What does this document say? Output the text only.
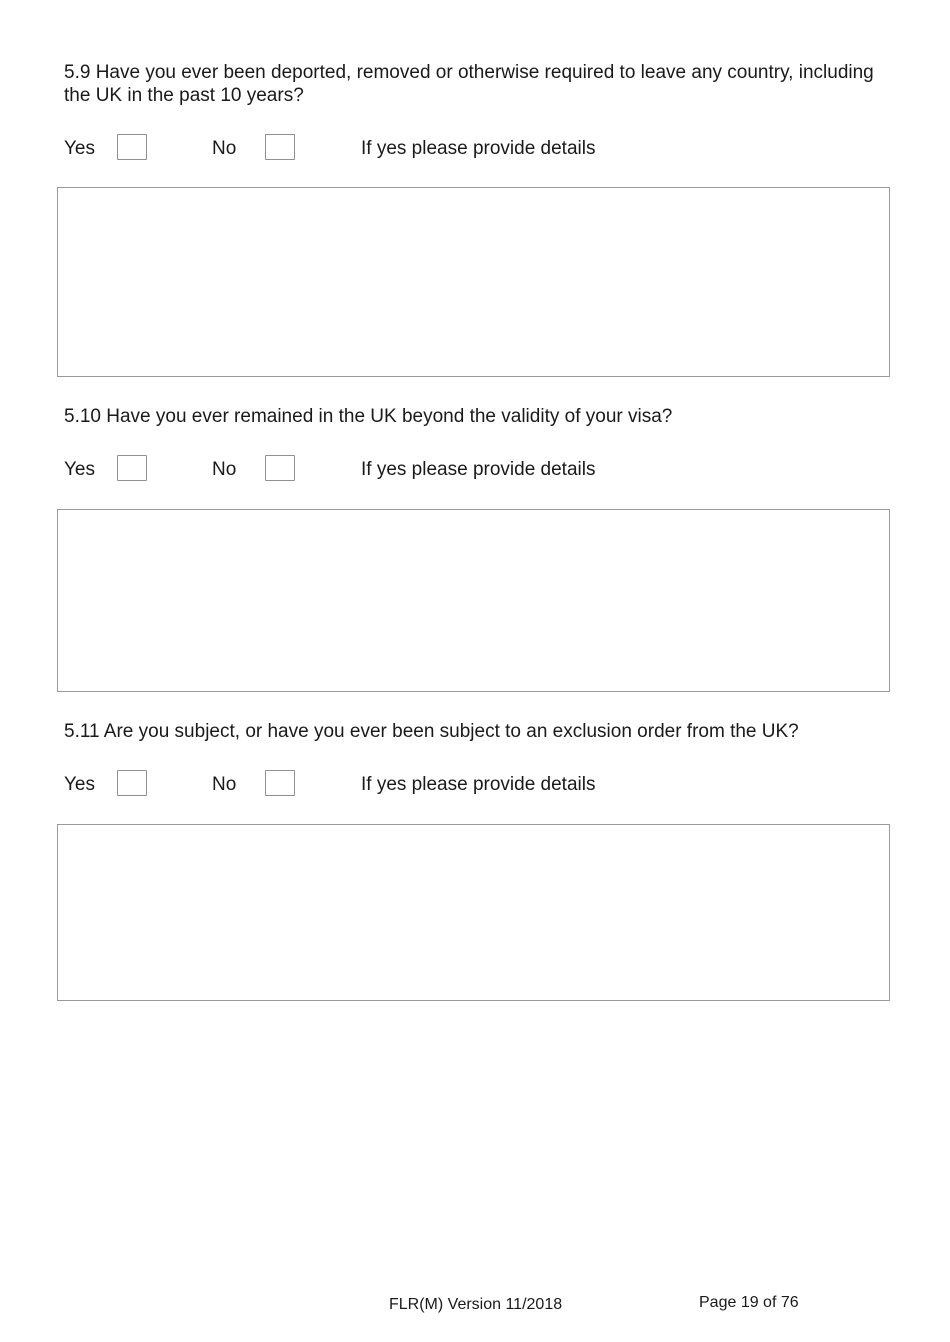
5.9 Have you ever been deported, removed or otherwise required to leave any country, including the UK in the past 10 years?

Yes	No	If yes please provide details

5.10 Have you ever remained in the UK beyond the validity of your visa?

Yes	No	If yes please provide details

5.11 Are you subject, or have you ever been subject to an exclusion order from the UK?

Yes	No	If yes please provide details
FLR(M) Version 11/2018	Page 19 of 76
